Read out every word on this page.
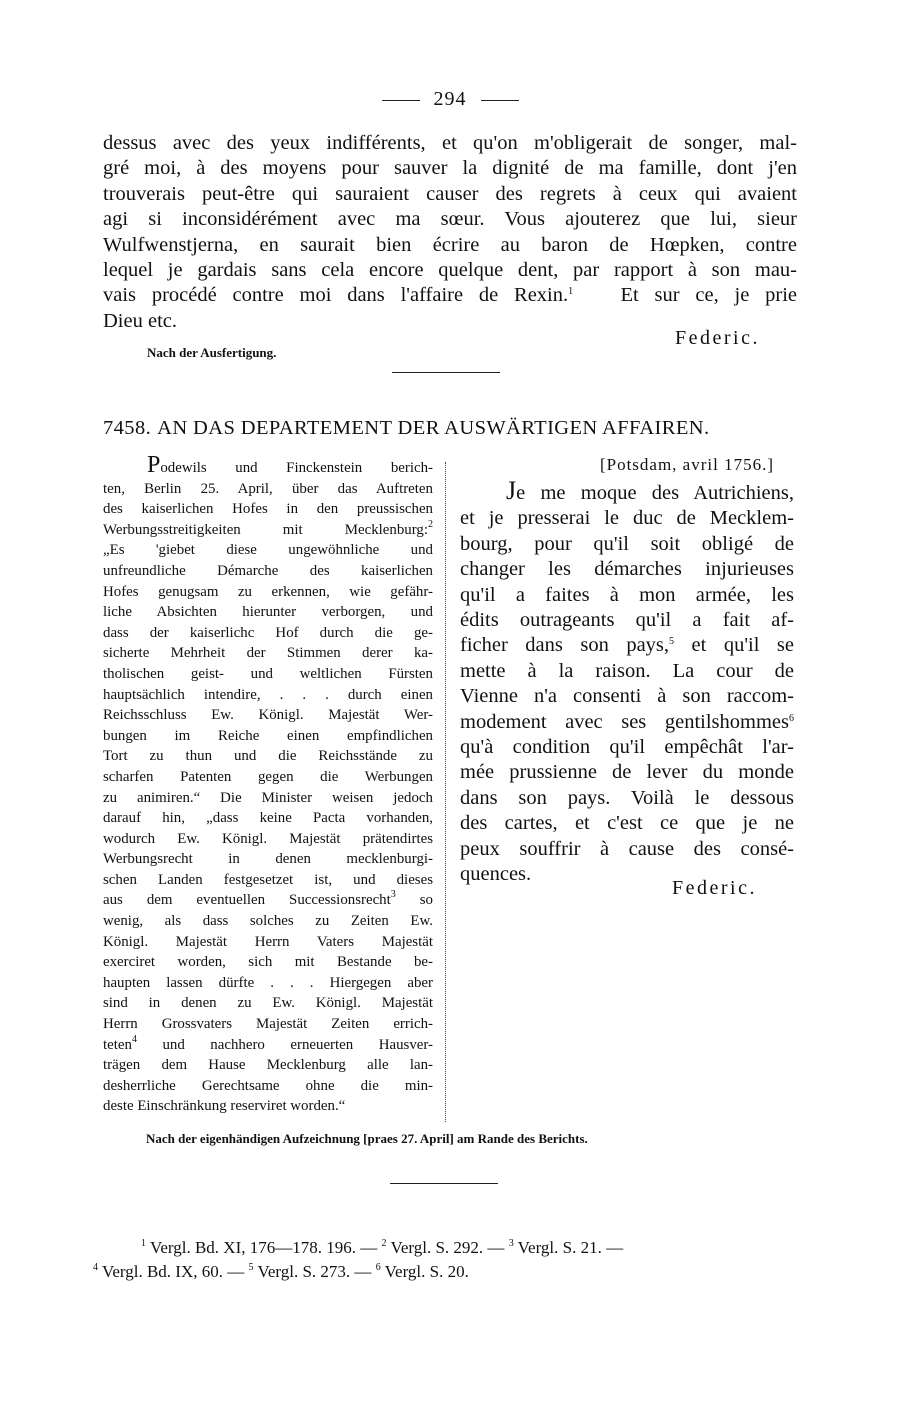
294
dessus avec des yeux indifférents, et qu'on m'obligerait de songer, mal-
gré moi, à des moyens pour sauver la dignité de ma famille, dont j'en
trouverais peut-être qui sauraient causer des regrets à ceux qui avaient
agi si inconsidérément avec ma sœur. Vous ajouterez que lui, sieur
Wulfwenstjerna, en saurait bien écrire au baron de Hœpken, contre
lequel je gardais sans cela encore quelque dent, par rapport à son mau-
vais procédé contre moi dans l'affaire de Rexin.$^1$ Et sur ce, je prie
Dieu etc.
Federic.
Nach der Ausfertigung.
7458. AN DAS DEPARTEMENT DER AUSWÄRTIGEN AFFAIREN.
Podewils und Finckenstein berich-
ten, Berlin 25. April, über das Auftreten
des kaiserlichen Hofes in den preussischen
Werbungsstreitigkeiten mit Mecklenburg:$^2$
„Es 'giebet diese ungewöhnliche und
unfreundliche Démarche des kaiserlichen
Hofes genugsam zu erkennen, wie gefähr-
liche Absichten hierunter verborgen, und
dass der kaiserlichc Hof durch die ge-
sicherte Mehrheit der Stimmen derer ka-
tholischen geist- und weltlichen Fürsten
hauptsächlich intendire, . . . durch einen
Reichsschluss Ew. Königl. Majestät Wer-
bungen im Reiche einen empfindlichen
Tort zu thun und die Reichsstände zu
scharfen Patenten gegen die Werbungen
zu animiren.“ Die Minister weisen jedoch
darauf hin, „dass keine Pacta vorhanden,
wodurch Ew. Königl. Majestät prätendirtes
Werbungsrecht in denen mecklenburgi-
schen Landen festgesetzet ist, und dieses
aus dem eventuellen Successionsrecht$^3$ so
wenig, als dass solches zu Zeiten Ew.
Königl. Majestät Herrn Vaters Majestät
exerciret worden, sich mit Bestande be-
haupten lassen dürfte . . . Hiergegen aber
sind in denen zu Ew. Königl. Majestät
Herrn Grossvaters Majestät Zeiten errich-
teten$^4$ und nachhero erneuerten Hausver-
trägen dem Hause Mecklenburg alle lan-
desherrliche Gerechtsame ohne die min-
deste Einschränkung reserviret worden.“
[Potsdam, avril 1756.]
Je me moque des Autrichiens,
et je presserai le duc de Mecklem-
bourg, pour qu'il soit obligé de
changer les démarches injurieuses
qu'il a faites à mon armée, les
édits outrageants qu'il a fait af-
ficher dans son pays,$^5$ et qu'il se
mette à la raison. La cour de
Vienne n'a consenti à son raccom-
modement avec ses gentilshommes$^6$
qu'à condition qu'il empêchât l'ar-
mée prussienne de lever du monde
dans son pays. Voilà le dessous
des cartes, et c'est ce que je ne
peux souffrir à cause des consé-
quences.
Federic.
Nach der eigenhändigen Aufzeichnung [praes 27. April] am Rande des Berichts.
$^1$ Vergl. Bd. XI, 176—178. 196. — $^2$ Vergl. S. 292. — $^3$ Vergl. S. 21. —
$^4$ Vergl. Bd. IX, 60. — $^5$ Vergl. S. 273. — $^6$ Vergl. S. 20.
